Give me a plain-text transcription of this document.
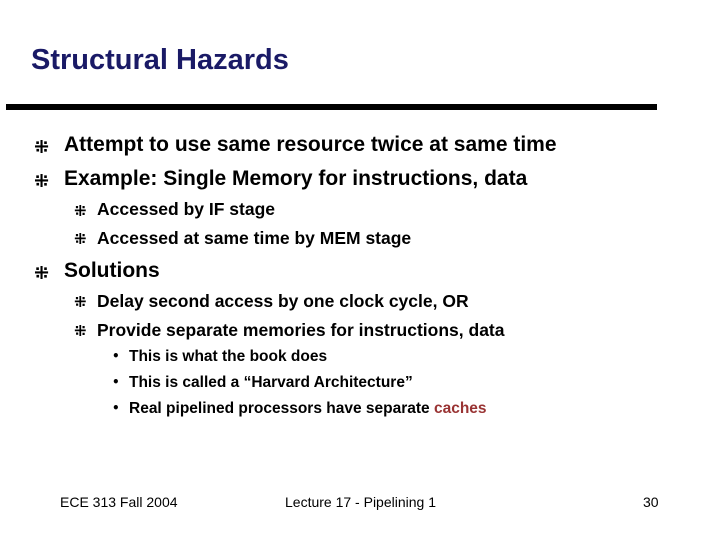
Structural Hazards
⁜ Attempt to use same resource twice at same time
⁜ Example: Single Memory for instructions, data
⁜ Accessed by IF stage
⁜ Accessed at same time by MEM stage
⁜ Solutions
⁜ Delay second access by one clock cycle, OR
⁜ Provide separate memories for instructions, data
• This is what the book does
• This is called a “Harvard Architecture”
• Real pipelined processors have separate caches
ECE 313 Fall 2004	Lecture 17 - Pipelining 1	30
